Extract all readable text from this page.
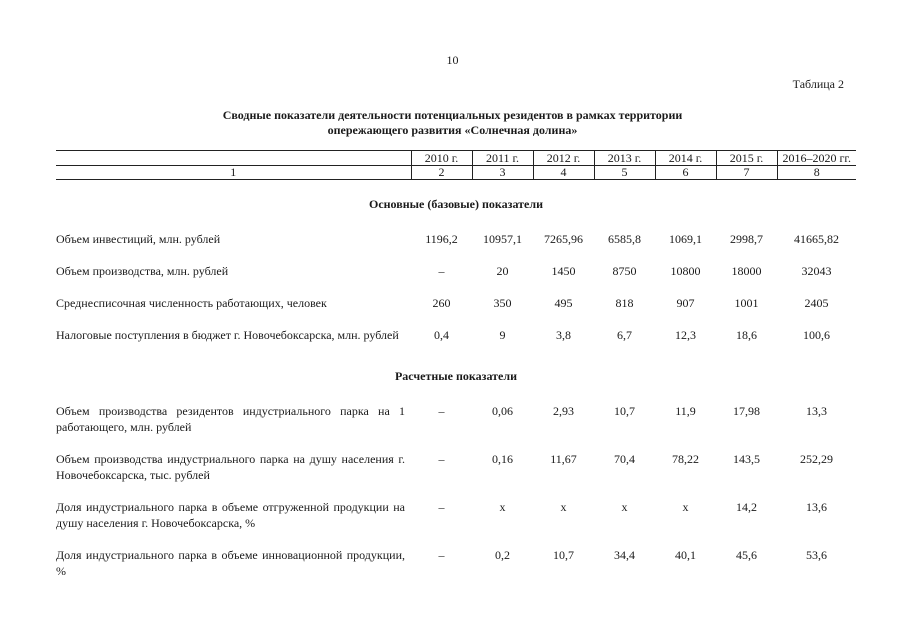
10
Таблица 2
Сводные показатели деятельности потенциальных резидентов в рамках территории
опережающего развития «Солнечная долина»
	2010 г.	2011 г.	2012 г.	2013 г.	2014 г.	2015 г.	2016–2020 гг.
1	2	3	4	5	6	7	8
Основные (базовые) показатели							
Объем инвестиций, млн. рублей	1196,2	10957,1	7265,96	6585,8	1069,1	2998,7	41665,82
Объем производства, млн. рублей	–	20	1450	8750	10800	18000	32043
Среднесписочная численность работающих, человек	260	350	495	818	907	1001	2405
Налоговые поступления в бюджет г. Новочебоксарска, млн. рублей	0,4	9	3,8	6,7	12,3	18,6	100,6
Расчетные показатели							
Объем производства резидентов индустриального парка на 1 работающего, млн. рублей	–	0,06	2,93	10,7	11,9	17,98	13,3
Объем производства индустриального парка на душу населения г. Новочебоксарска, тыс. рублей	–	0,16	11,67	70,4	78,22	143,5	252,29
Доля индустриального парка в объеме отгруженной продукции на душу населения г. Новочебоксарска, %	–	х	х	х	х	14,2	13,6
Доля индустриального парка в объеме инновационной продукции, %	–	0,2	10,7	34,4	40,1	45,6	53,6
